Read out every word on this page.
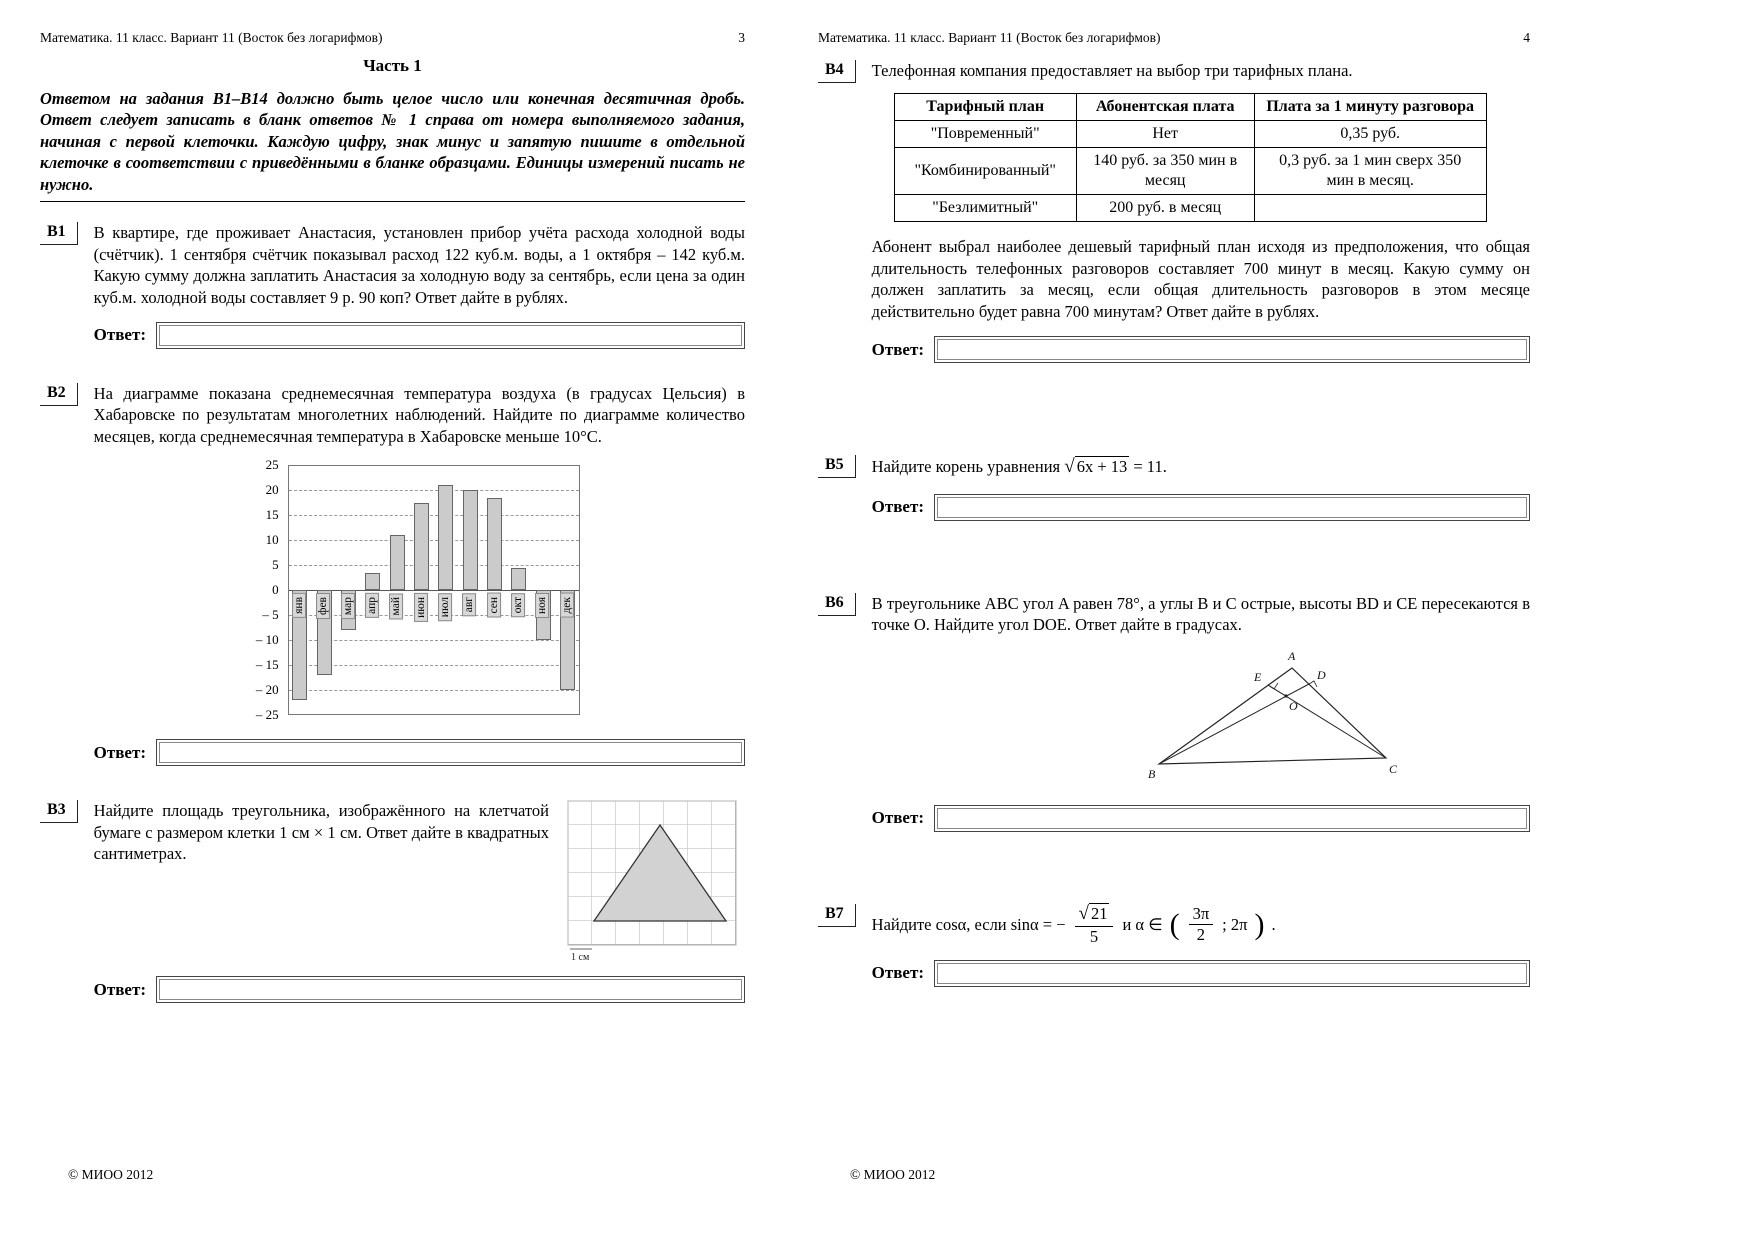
Математика. 11 класс. Вариант 11 (Восток без логарифмов)	3
Часть 1

Ответом на задания В1–В14 должно быть целое число или конечная десятичная дробь. Ответ следует записать в бланк ответов № 1 справа от номера выполняемого задания, начиная с первой клеточки. Каждую цифру, знак минус и запятую пишите в отдельной клеточке в соответствии с приведёнными в бланке образцами. Единицы измерений писать не нужно.

В1	В квартире, где проживает Анастасия, установлен прибор учёта расхода холодной воды (счётчик). 1 сентября счётчик показывал расход 122 куб.м. воды, а 1 октября – 142 куб.м. Какую сумму должна заплатить Анастасия за холодную воду за сентябрь, если цена за один куб.м. холодной воды составляет 9 р. 90 коп? Ответ дайте в рублях.

Ответ:
В2	На диаграмме показана среднемесячная температура воздуха (в градусах Цельсия) в Хабаровске по результатам многолетних наблюдений. Найдите по диаграмме количество месяцев, когда среднемесячная температура в Хабаровске меньше 10°С.

25
20
15
10
5
0
– 5
– 10
– 15
– 20
– 25
янв фев мар апр май июн июл авг сен окт ноя дек
Ответ:
В3	Найдите площадь треугольника, изображённого на клетчатой бумаге с размером клетки 1 см × 1 см. Ответ дайте в квадратных сантиметрах.

1 см
Ответ:
© МИОО 2012
Математика. 11 класс. Вариант 11 (Восток без логарифмов)	4
В4	Телефонная компания предоставляет на выбор три тарифных плана.

Тарифный план	Абонентская плата	Плата за 1 минуту разговора
"Повременный"	Нет	0,35 руб.
"Комбинированный"	140 руб. за 350 мин в месяц	0,3 руб. за 1 мин сверх 350 мин в месяц.
"Безлимитный"	200 руб. в месяц	

Абонент выбрал наиболее дешевый тарифный план исходя из предположения, что общая длительность телефонных разговоров составляет 700 минут в месяц. Какую сумму он должен заплатить за месяц, если общая длительность разговоров в этом месяце действительно будет равна 700 минутам? Ответ дайте в рублях.

Ответ:
В5	Найдите корень уравнения √ 6x + 13 = 11.

Ответ:
В6	В треугольнике ABC угол A равен 78°, а углы B и C острые, высоты BD и CE пересекаются в точке O. Найдите угол DOE. Ответ дайте в градусах.

A
B	C
E	D
O
Ответ:
В7

Найдите cosα, если sinα = − $\frac{√ 21}{5}$ и α ∈ ( $\frac{3\pi}{2}$ ; 2π ) .

Ответ:
© МИОО 2012
